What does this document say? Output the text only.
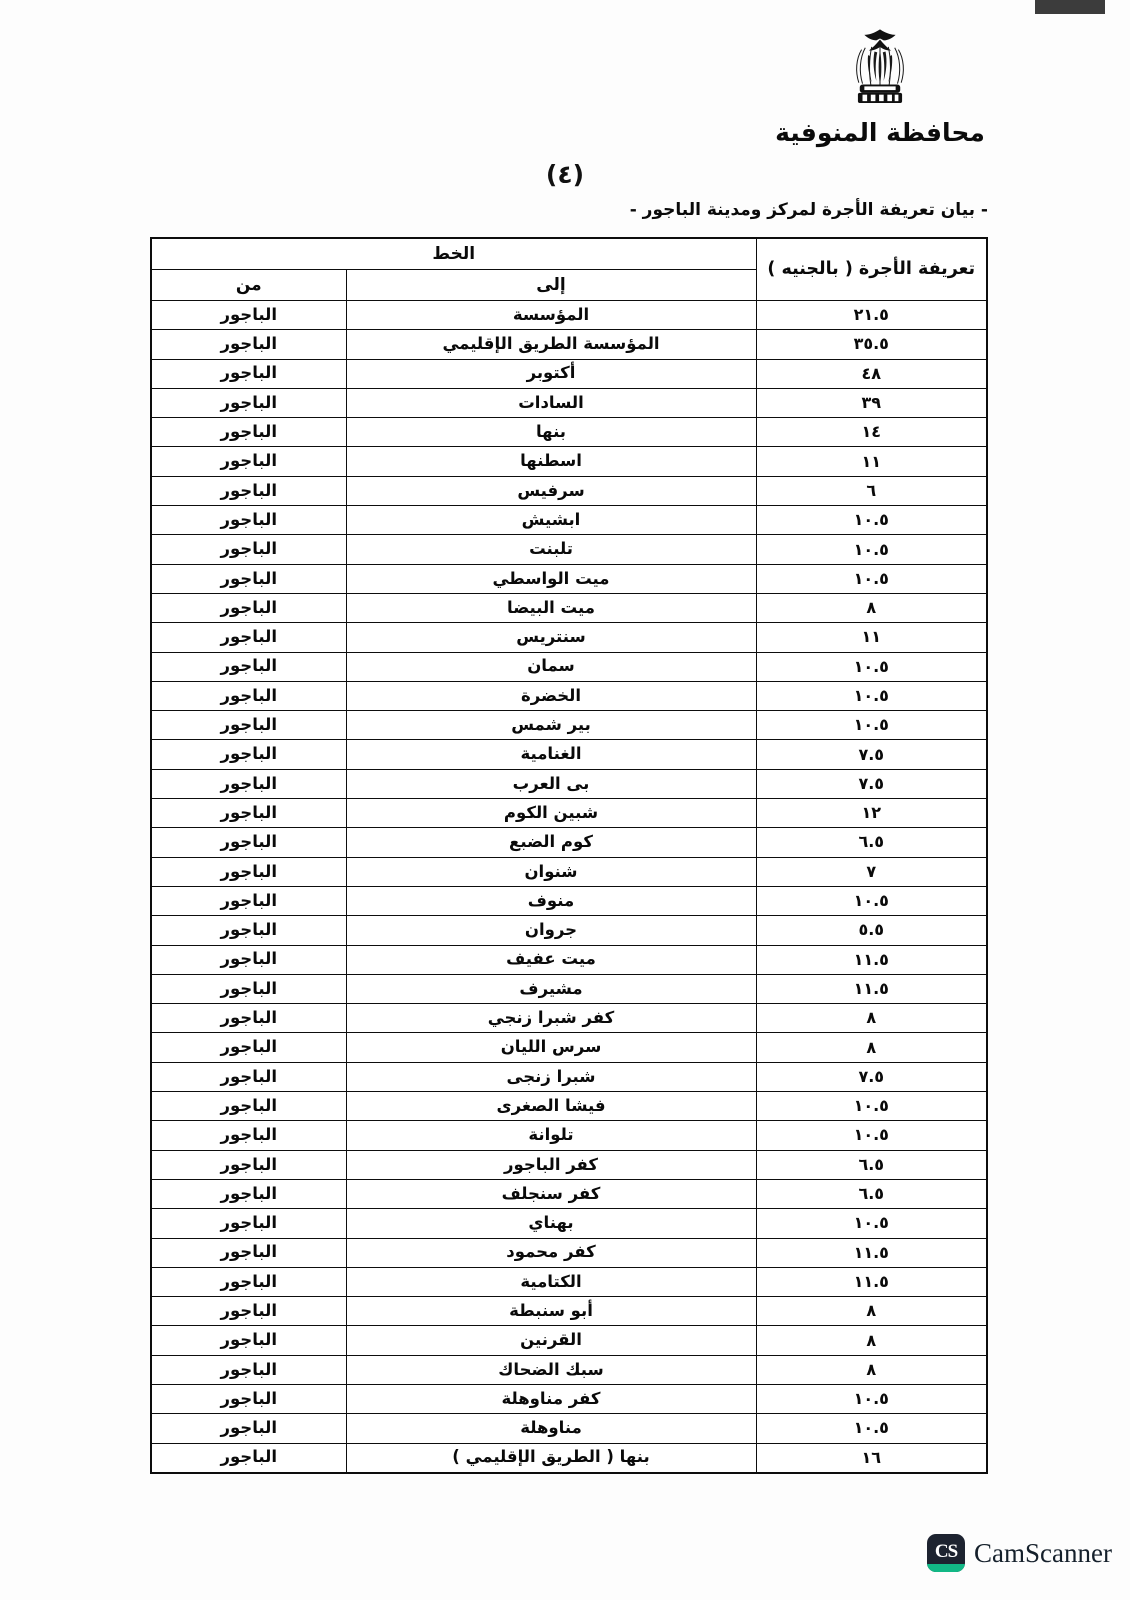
محافظة المنوفية
(٤)
- بيان تعريفة الأجرة لمركز ومدينة الباجور -
تعريفة الأجرة ( بالجنيه )	الخط	
	إلى	من
٢١.٥	المؤسسة	الباجور
٣٥.٥	المؤسسة الطريق الإقليمي	الباجور
٤٨	أكتوبر	الباجور
٣٩	السادات	الباجور
١٤	بنها	الباجور
١١	اسطنها	الباجور
٦	سرفيس	الباجور
١٠.٥	ابشيش	الباجور
١٠.٥	تلبنت	الباجور
١٠.٥	ميت الواسطي	الباجور
٨	ميت البيضا	الباجور
١١	سنتريس	الباجور
١٠.٥	سمان	الباجور
١٠.٥	الخضرة	الباجور
١٠.٥	بير شمس	الباجور
٧.٥	الغنامية	الباجور
٧.٥	بى العرب	الباجور
١٢	شبين الكوم	الباجور
٦.٥	كوم الضبع	الباجور
٧	شنوان	الباجور
١٠.٥	منوف	الباجور
٥.٥	جروان	الباجور
١١.٥	ميت عفيف	الباجور
١١.٥	مشيرف	الباجور
٨	كفر شبرا زنجي	الباجور
٨	سرس الليان	الباجور
٧.٥	شبرا زنجى	الباجور
١٠.٥	فيشا الصغرى	الباجور
١٠.٥	تلوانة	الباجور
٦.٥	كفر الباجور	الباجور
٦.٥	كفر سنجلف	الباجور
١٠.٥	بهناي	الباجور
١١.٥	كفر محمود	الباجور
١١.٥	الكتامية	الباجور
٨	أبو سنبطة	الباجور
٨	القرنين	الباجور
٨	سبك الضحاك	الباجور
١٠.٥	كفر مناوهلة	الباجور
١٠.٥	مناوهلة	الباجور
١٦	بنها ( الطريق الإقليمي )	الباجور
CS CamScanner
